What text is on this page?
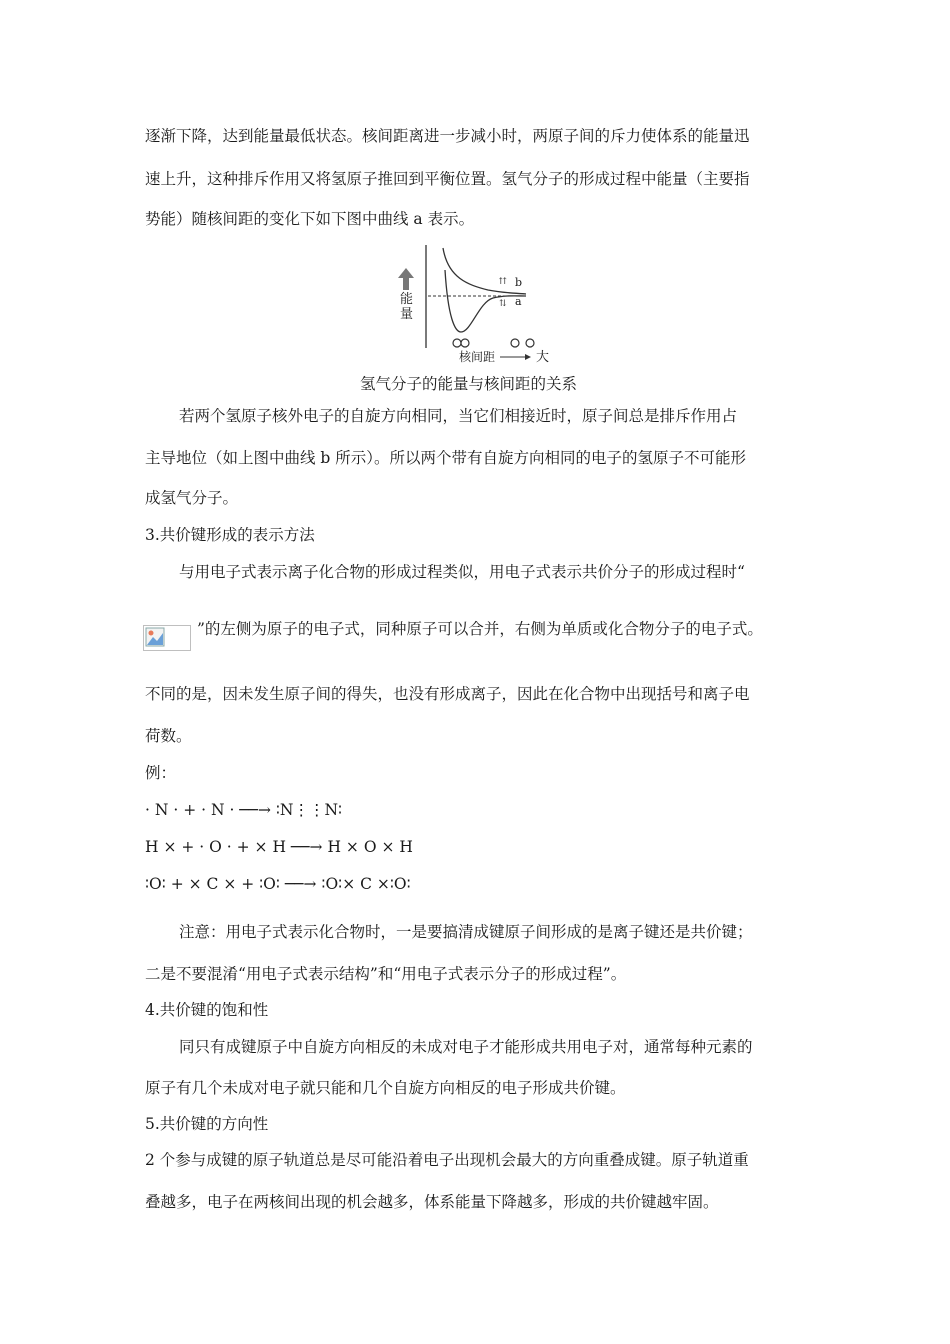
逐渐下降，达到能量最低状态。核间距离进一步减小时，两原子间的斥力使体系的能量迅
速上升，这种排斥作用又将氢原子推回到平衡位置。氢气分子的形成过程中能量（主要指
势能）随核间距的变化下如下图中曲线 a 表示。
⇈
⇅
能量
核间距	大
b
a
氢气分子的能量与核间距的关系
若两个氢原子核外电子的自旋方向相同，当它们相接近时，原子间总是排斥作用占
主导地位（如上图中曲线 b 所示）。所以两个带有自旋方向相同的电子的氢原子不可能形
成氢气分子。
3.共价键形成的表示方法
与用电子式表示离子化合物的形成过程类似，用电子式表示共价分子的形成过程时“
”的左侧为原子的电子式，同种原子可以合并，右侧为单质或化合物分子的电子式。
不同的是，因未发生原子间的得失，也没有形成离子，因此在化合物中出现括号和离子电
荷数。
例：
· N · + · N · ──→ ∶N⋮⋮N∶
H × + · O · + × H ──→ H × O × H
∶O∶ + × C × + ∶O∶ ──→ ∶O∶× C ×∶O∶
注意：用电子式表示化合物时，一是要搞清成键原子间形成的是离子键还是共价键；
二是不要混淆“用电子式表示结构”和“用电子式表示分子的形成过程”。
4.共价键的饱和性
同只有成键原子中自旋方向相反的未成对电子才能形成共用电子对，通常每种元素的
原子有几个未成对电子就只能和几个自旋方向相反的电子形成共价键。
5.共价键的方向性
2 个参与成键的原子轨道总是尽可能沿着电子出现机会最大的方向重叠成键。原子轨道重
叠越多，电子在两核间出现的机会越多，体系能量下降越多，形成的共价键越牢固。
